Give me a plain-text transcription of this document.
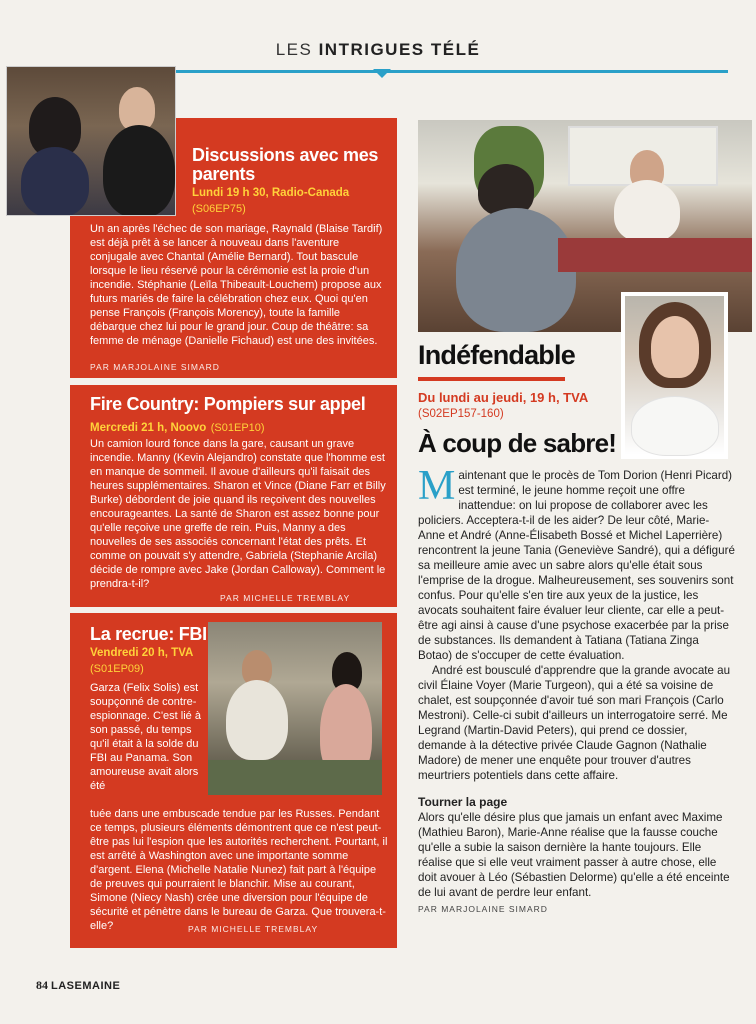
LES INTRIGUES TÉLÉ
Discussions avec mes parents
Lundi 19 h 30, Radio-Canada
(S06EP75)
Un an après l'échec de son mariage, Raynald (Blaise Tardif) est déjà prêt à se lancer à nouveau dans l'aventure conjugale avec Chantal (Amélie Bernard). Tout bascule lorsque le lieu réservé pour la cérémonie est la proie d'un incendie. Stéphanie (Leïla Thibeault-Louchem) propose aux futurs mariés de faire la célébration chez eux. Quoi qu'en pense François (François Morency), toute la famille débarque chez lui pour le grand jour. Coup de théâtre: sa femme de ménage (Danielle Fichaud) est une des invitées.
PAR MARJOLAINE SIMARD
Fire Country: Pompiers sur appel
Mercredi 21 h, Noovo (S01EP10)
Un camion lourd fonce dans la gare, causant un grave incendie. Manny (Kevin Alejandro) constate que l'homme est en manque de sommeil. Il avoue d'ailleurs qu'il faisait des heures supplémentaires. Sharon et Vince (Diane Farr et Billy Burke) débordent de joie quand ils reçoivent des nouvelles encourageantes. La santé de Sharon est assez bonne pour qu'elle reçoive une greffe de rein. Puis, Manny a des nouvelles de ses associés concernant l'état des prêts. Et comme on pouvait s'y attendre, Gabriela (Stephanie Arcila) décide de rompre avec Jake (Jordan Calloway). Comment le prendra-t-il?
PAR MICHELLE TREMBLAY
La recrue: FBI
Vendredi 20 h, TVA
(S01EP09)
Garza (Felix Solis) est soupçonné de contre-espionnage. C'est lié à son passé, du temps qu'il était à la solde du FBI au Panama. Son amoureuse avait alors été
tuée dans une embuscade tendue par les Russes. Pendant ce temps, plusieurs éléments démontrent que ce n'est peut-être pas lui l'espion que les autorités recherchent. Pourtant, il est arrêté à Washington avec une importante somme d'argent. Elena (Michelle Natalie Nunez) fait part à l'équipe de preuves qui pourraient le blanchir. Mise au courant, Simone (Niecy Nash) crée une diversion pour l'équipe de sécurité et pénètre dans le bureau de Garza. Que trouvera-t-elle?	PAR MICHELLE TREMBLAY
Indéfendable
Du lundi au jeudi, 19 h, TVA
(S02EP157-160)
À coup de sabre!

Maintenant que le procès de Tom Dorion (Henri Picard) est terminé, le jeune homme reçoit une offre inattendue: on lui propose de collaborer avec les policiers. Acceptera-t-il de les aider? De leur côté, Marie-Anne et André (Anne-Élisabeth Bossé et Michel Laperrière) rencontrent la jeune Tania (Geneviève Sandré), qui a défiguré sa meilleure amie avec un sabre alors qu'elle était sous l'emprise de la drogue. Malheureusement, ses souvenirs sont confus. Pour qu'elle s'en tire aux yeux de la justice, les avocats souhaitent faire évaluer leur cliente, car elle a peut-être agi ainsi à cause d'une psychose exacerbée par la prise de substances. Ils demandent à Tatiana (Tatiana Zinga Botao) de s'occuper de cette évaluation.

André est bousculé d'apprendre que la grande avocate au civil Élaine Voyer (Marie Turgeon), qui a été sa voisine de chalet, est soupçonnée d'avoir tué son mari François (Carlo Mestroni). Celle-ci subit d'ailleurs un interrogatoire serré. Me Legrand (Martin-David Peters), qui prend ce dossier, demande à la détective privée Claude Gagnon (Nathalie Madore) de mener une enquête pour trouver d'autres meurtriers potentiels dans cette affaire.

Tourner la page

Alors qu'elle désire plus que jamais un enfant avec Maxime (Mathieu Baron), Marie-Anne réalise que la fausse couche qu'elle a subie la saison dernière la hante toujours. Elle réalise que si elle veut vraiment passer à autre chose, elle doit avouer à Léo (Sébastien Delorme) qu'elle a été enceinte de lui avant de perdre leur enfant.

PAR MARJOLAINE SIMARD
84 LASEMAINE
